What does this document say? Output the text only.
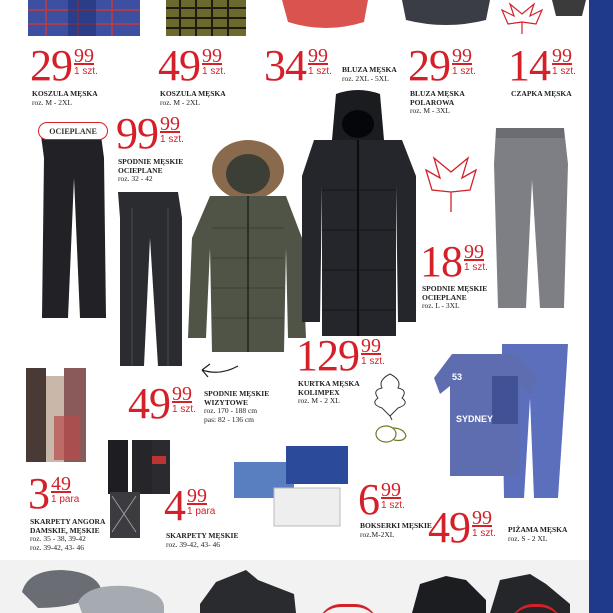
29 99
1 szt.
KOSZULA MĘSKA
roz. M - 2XL
49 99
1 szt.
KOSZULA MĘSKA
roz. M - 2XL
34 99
1 szt. BLUZA MĘSKA
roz. 2XL - 5XL 29 99
1 szt.
BLUZA MĘSKA POLAROWA
roz. M - 3XL
14 99
1 szt.
CZAPKA MĘSKA
OCIEPLANE 99 99
1 szt.
SPODNIE MĘSKIE OCIEPLANE
roz. 32 - 42
18 99
1 szt.
SPODNIE MĘSKIE OCIEPLANE
roz. L - 3XL
129 99
1 szt.
KURTKA MĘSKA KOLIMPEX
roz. M - 2 XL
49 99
1 szt.
SPODNIE MĘSKIE WIZYTOWE
roz. 170 - 188 cm
pas: 82 - 136 cm
53
SYDNEY
3 49
1 para
SKARPETY ANGORA DAMSKIE, MĘSKIE
roz. 35 - 38, 39-42
roz. 39-42, 43- 46
4 99
1 para
SKARPETY MĘSKIE
roz. 39-42, 43- 46
6 99
1 szt.
BOKSERKI MĘSKIE
roz.M-2XL 49 99
1 szt. PIŻAMA MĘSKA
roz. S - 2 XL
